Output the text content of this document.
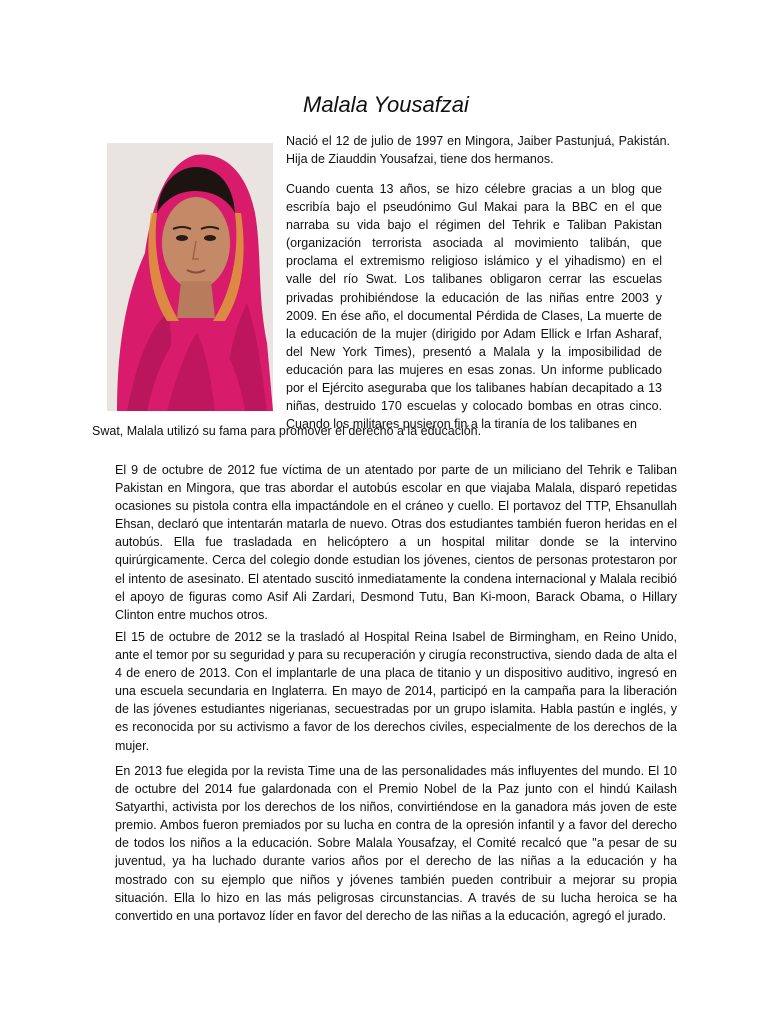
Malala Yousafzai

Nació el 12 de julio de 1997 en Mingora, Jaiber Pastunjuá, Pakistán. Hija de Ziauddin Yousafzai, tiene dos hermanos.

Cuando cuenta 13 años, se hizo célebre gracias a un blog que escribía bajo el pseudónimo Gul Makai para la BBC en el que narraba su vida bajo el régimen del Tehrik e Taliban Pakistan (organización terrorista asociada al movimiento talibán, que proclama el extremismo religioso islámico y el yihadismo) en el valle del río Swat. Los talibanes obligaron cerrar las escuelas privadas prohibiéndose la educación de las niñas entre 2003 y 2009. En ése año, el documental Pérdida de Clases, La muerte de la educación de la mujer (dirigido por Adam Ellick e Irfan Asharaf, del New York Times), presentó a Malala y la imposibilidad de educación para las mujeres en esas zonas. Un informe publicado por el Ejército aseguraba que los talibanes habían decapitado a 13 niñas, destruido 170 escuelas y colocado bombas en otras cinco. Cuando los militares pusieron fin a la tiranía de los talibanes en

Swat, Malala utilizó su fama para promover el derecho a la educación.

El 9 de octubre de 2012 fue víctima de un atentado por parte de un miliciano del Tehrik e Taliban Pakistan en Mingora, que tras abordar el autobús escolar en que viajaba Malala, disparó repetidas ocasiones su pistola contra ella impactándole en el cráneo y cuello. El portavoz del TTP, Ehsanullah Ehsan, declaró que intentarán matarla de nuevo. Otras dos estudiantes también fueron heridas en el autobús. Ella fue trasladada en helicóptero a un hospital militar donde se la intervino quirúrgicamente. Cerca del colegio donde estudian los jóvenes, cientos de personas protestaron por el intento de asesinato. El atentado suscitó inmediatamente la condena internacional y Malala recibió el apoyo de figuras como Asif Ali Zardari, Desmond Tutu, Ban Ki-moon, Barack Obama, o Hillary Clinton entre muchos otros.

El 15 de octubre de 2012 se la trasladó al Hospital Reina Isabel de Birmingham, en Reino Unido, ante el temor por su seguridad y para su recuperación y cirugía reconstructiva, siendo dada de alta el 4 de enero de 2013. Con el implantarle de una placa de titanio y un dispositivo auditivo, ingresó en una escuela secundaria en Inglaterra. En mayo de 2014, participó en la campaña para la liberación de las jóvenes estudiantes nigerianas, secuestradas por un grupo islamita. Habla pastún e inglés, y es reconocida por su activismo a favor de los derechos civiles, especialmente de los derechos de la mujer.

En 2013 fue elegida por la revista Time una de las personalidades más influyentes del mundo. El 10 de octubre del 2014 fue galardonada con el Premio Nobel de la Paz junto con el hindú Kailash Satyarthi, activista por los derechos de los niños, convirtiéndose en la ganadora más joven de este premio. Ambos fueron premiados por su lucha en contra de la opresión infantil y a favor del derecho de todos los niños a la educación. Sobre Malala Yousafzay, el Comité recalcó que "a pesar de su juventud, ya ha luchado durante varios años por el derecho de las niñas a la educación y ha mostrado con su ejemplo que niños y jóvenes también pueden contribuir a mejorar su propia situación. Ella lo hizo en las más peligrosas circunstancias. A través de su lucha heroica se ha convertido en una portavoz líder en favor del derecho de las niñas a la educación, agregó el jurado.
